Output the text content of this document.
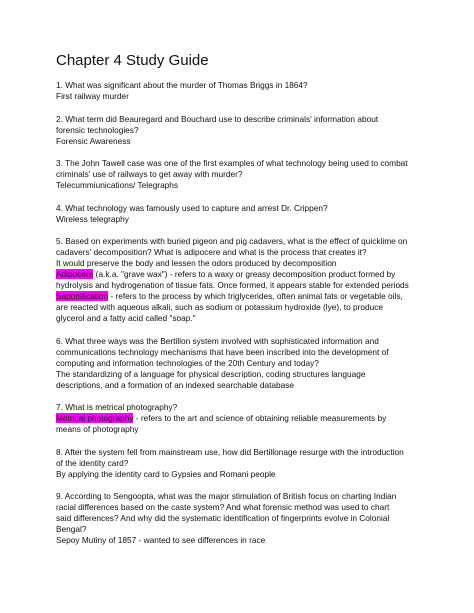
Chapter 4 Study Guide
1. What was significant about the murder of Thomas Briggs in 1864?
First railway murder
2. What term did Beauregard and Bouchard use to describe criminals' information about
forensic technologies?
Forensic Awareness
3. The John Tawell case was one of the first examples of what technology being used to combat
criminals' use of railways to get away with murder?
Telecummiunications/ Telegraphs
4. What technology was famously used to capture and arrest Dr. Crippen?
Wireless telegraphy
5. Based on experiments with buried pigeon and pig cadavers, what is the effect of quicklime on
cadavers' decomposition? What is adipocere and what is the process that creates it?
It would preserve the body and lessen the odors produced by decomposition
Adipocere (a.k.a. "grave wax") - refers to a waxy or greasy decomposition product formed by
hydrolysis and hydrogenation of tissue fats. Once formed, it appears stable for extended periods
Saponification - refers to the process by which triglycerides, often animal fats or vegetable oils,
are reacted with aqueous alkali, such as sodium or potassium hydroxide (lye), to produce
glycerol and a fatty acid called "soap."
6. What three ways was the Bertillon system involved with sophisticated information and
communications technology mechanisms that have been inscribed into the development of
computing and information technologies of the 20th Century and today?
The standardizing of a language for physical description, coding structures language
descriptions, and a formation of an indexed searchable database
7. What is metrical photography?
Metrical photography - refers to the art and science of obtaining reliable measurements by
means of photography
8. After the system fell from mainstream use, how did Bertillonage resurge with the introduction
of the identity card?
By applying the identity card to Gypsies and Romani people
9. According to Sengoopta, what was the major stimulation of British focus on charting Indian
racial differences based on the caste system? And what forensic method was used to chart
said differences? And why did the systematic identification of fingerprints evolve in Colonial
Bengal?
Sepoy Mutiny of 1857 - wanted to see differences in race
